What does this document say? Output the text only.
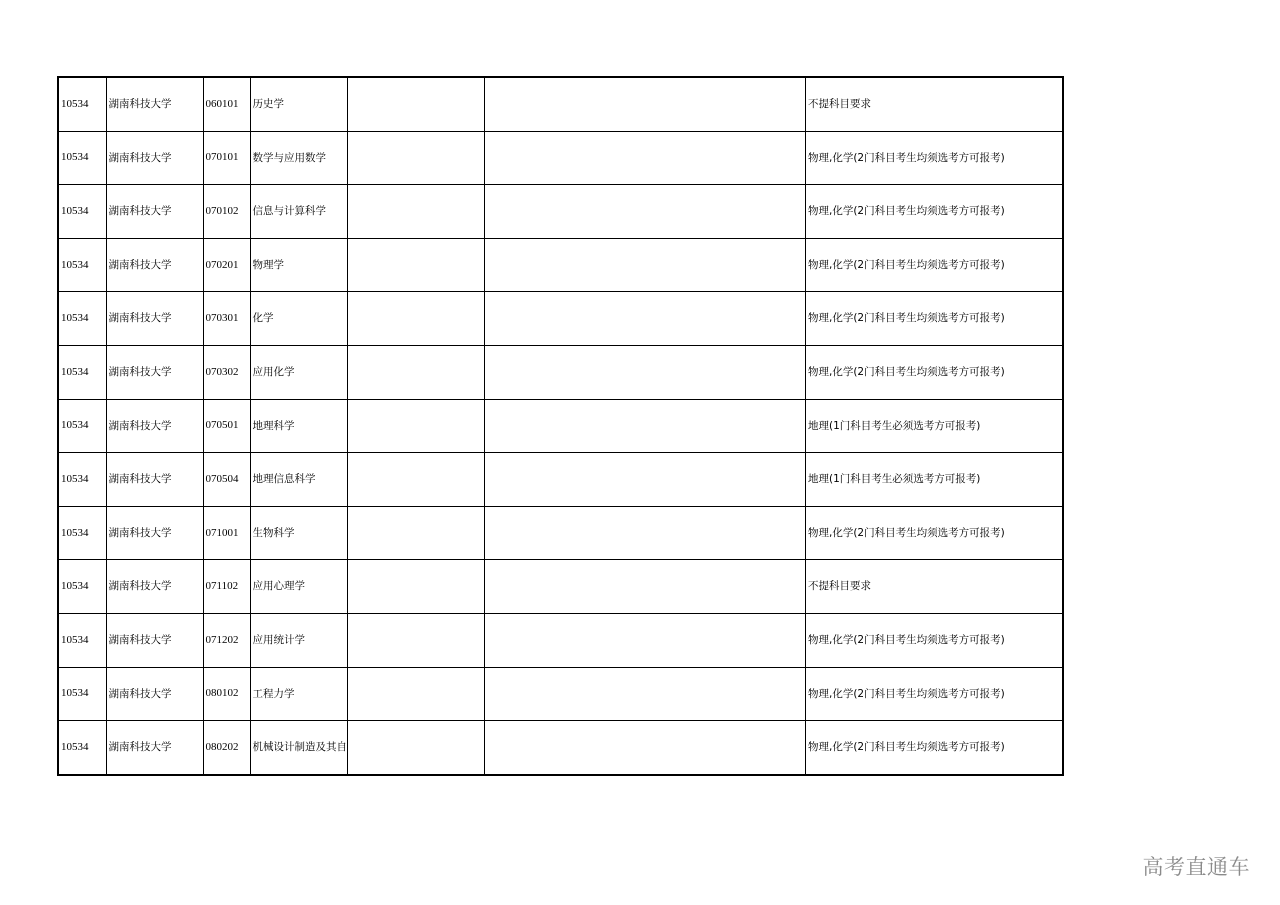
10534	湖南科技大学	060101	历史学			不提科目要求
10534	湖南科技大学	070101	数学与应用数学			物理,化学(2门科目考生均须选考方可报考)
10534	湖南科技大学	070102	信息与计算科学			物理,化学(2门科目考生均须选考方可报考)
10534	湖南科技大学	070201	物理学			物理,化学(2门科目考生均须选考方可报考)
10534	湖南科技大学	070301	化学			物理,化学(2门科目考生均须选考方可报考)
10534	湖南科技大学	070302	应用化学			物理,化学(2门科目考生均须选考方可报考)
10534	湖南科技大学	070501	地理科学			地理(1门科目考生必须选考方可报考)
10534	湖南科技大学	070504	地理信息科学			地理(1门科目考生必须选考方可报考)
10534	湖南科技大学	071001	生物科学			物理,化学(2门科目考生均须选考方可报考)
10534	湖南科技大学	071102	应用心理学			不提科目要求
10534	湖南科技大学	071202	应用统计学			物理,化学(2门科目考生均须选考方可报考)
10534	湖南科技大学	080102	工程力学			物理,化学(2门科目考生均须选考方可报考)
10534	湖南科技大学	080202	机械设计制造及其自			物理,化学(2门科目考生均须选考方可报考)
高考直通车
